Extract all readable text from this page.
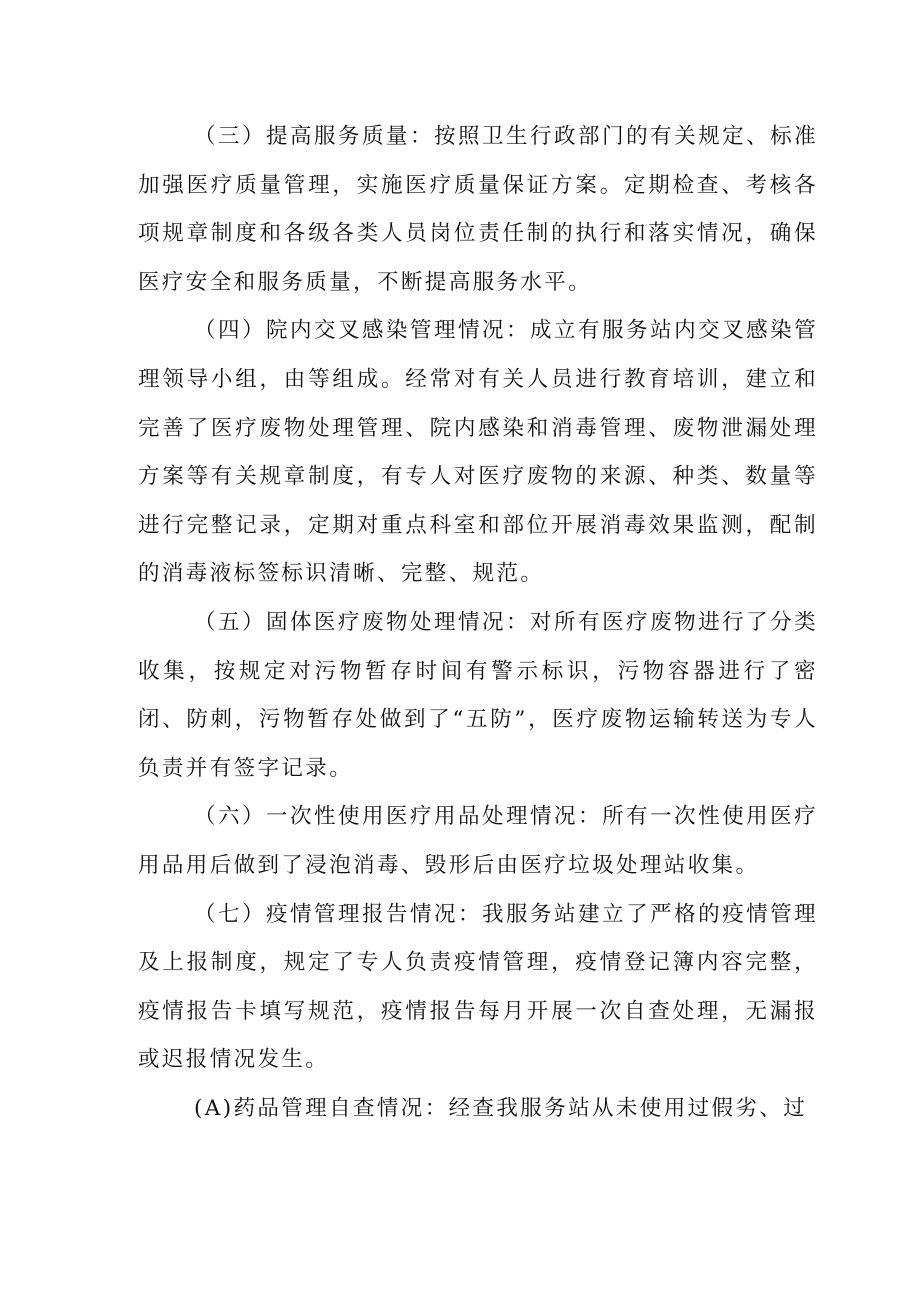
（三）提高服务质量：按照卫生行政部门的有关规定、标准加强医疗质量管理，实施医疗质量保证方案。定期检查、考核各项规章制度和各级各类人员岗位责任制的执行和落实情况，确保医疗安全和服务质量，不断提高服务水平。

（四）院内交叉感染管理情况：成立有服务站内交叉感染管理领导小组，由等组成。经常对有关人员进行教育培训，建立和完善了医疗废物处理管理、院内感染和消毒管理、废物泄漏处理方案等有关规章制度，有专人对医疗废物的来源、种类、数量等进行完整记录，定期对重点科室和部位开展消毒效果监测，配制的消毒液标签标识清晰、完整、规范。

（五）固体医疗废物处理情况：对所有医疗废物进行了分类收集，按规定对污物暂存时间有警示标识，污物容器进行了密闭、防刺，污物暂存处做到了“五防”，医疗废物运输转送为专人负责并有签字记录。

（六）一次性使用医疗用品处理情况：所有一次性使用医疗用品用后做到了浸泡消毒、毁形后由医疗垃圾处理站收集。

（七）疫情管理报告情况：我服务站建立了严格的疫情管理及上报制度，规定了专人负责疫情管理，疫情登记簿内容完整，疫情报告卡填写规范，疫情报告每月开展一次自查处理，无漏报或迟报情况发生。

(A)药品管理自查情况：经查我服务站从未使用过假劣、过
